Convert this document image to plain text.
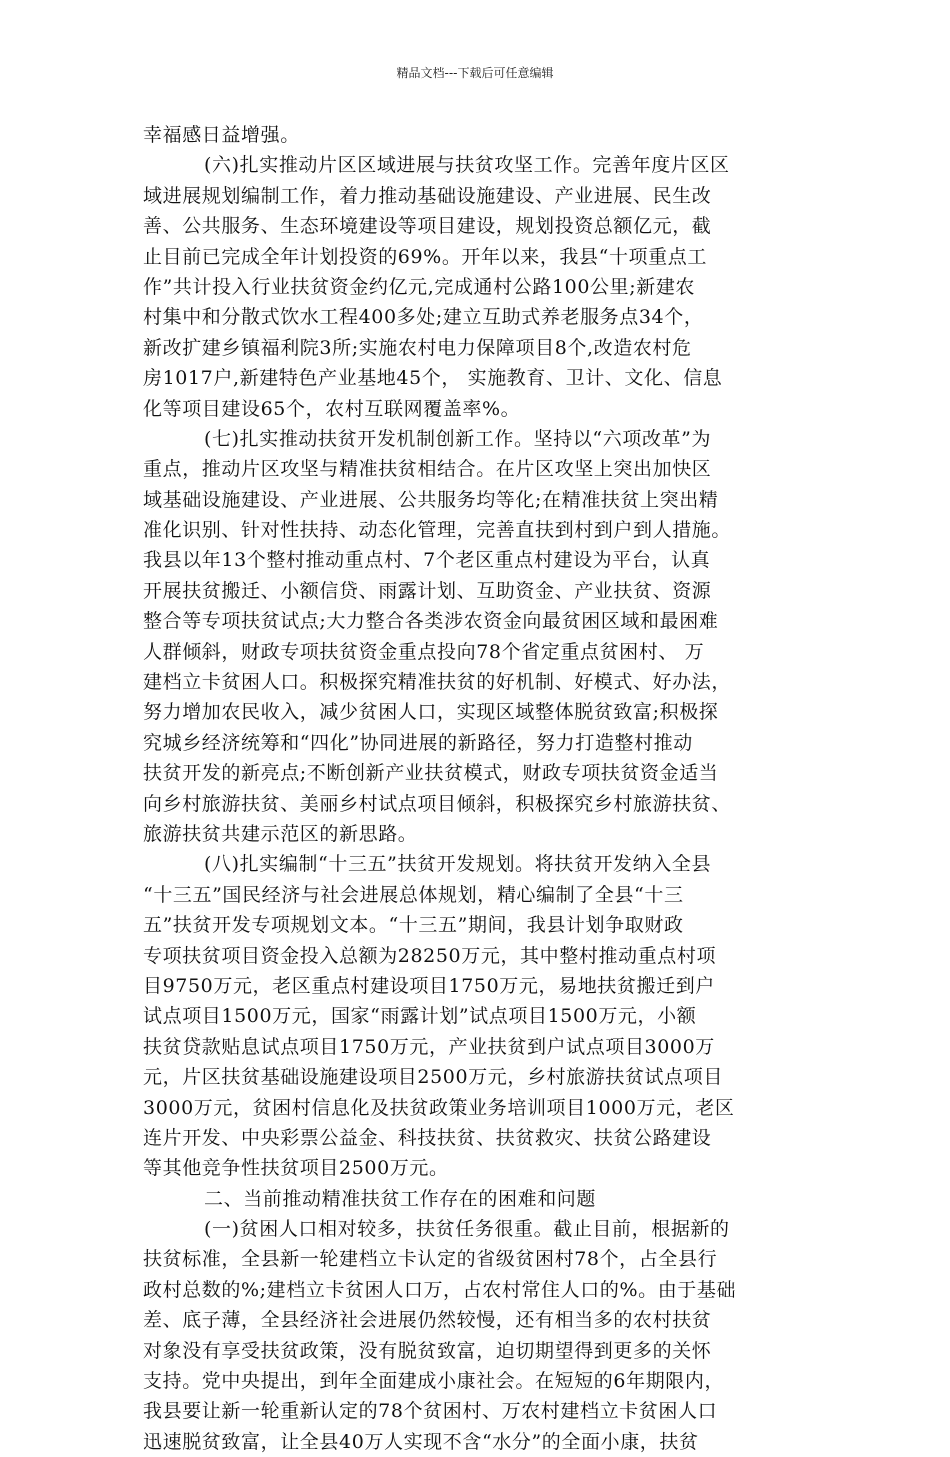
精品文档---下载后可任意编辑
幸福感日益增强。
(六)扎实推动片区区域进展与扶贫攻坚工作。完善年度片区区
域进展规划编制工作，着力推动基础设施建设、产业进展、民生改
善、公共服务、生态环境建设等项目建设，规划投资总额亿元，截
止目前已完成全年计划投资的69%。开年以来，我县“十项重点工
作”共计投入行业扶贫资金约亿元,完成通村公路100公里;新建农
村集中和分散式饮水工程400多处;建立互助式养老服务点34个，
新改扩建乡镇福利院3所;实施农村电力保障项目8个,改造农村危
房1017户,新建特色产业基地45个， 实施教育、卫计、文化、信息
化等项目建设65个，农村互联网覆盖率%。
(七)扎实推动扶贫开发机制创新工作。坚持以“六项改革”为
重点，推动片区攻坚与精准扶贫相结合。在片区攻坚上突出加快区
域基础设施建设、产业进展、公共服务均等化;在精准扶贫上突出精
准化识别、针对性扶持、动态化管理，完善直扶到村到户到人措施。
我县以年13个整村推动重点村、7个老区重点村建设为平台，认真
开展扶贫搬迁、小额信贷、雨露计划、互助资金、产业扶贫、资源
整合等专项扶贫试点;大力整合各类涉农资金向最贫困区域和最困难
人群倾斜，财政专项扶贫资金重点投向78个省定重点贫困村、 万
建档立卡贫困人口。积极探究精准扶贫的好机制、好模式、好办法，
努力增加农民收入，减少贫困人口，实现区域整体脱贫致富;积极探
究城乡经济统筹和“四化”协同进展的新路径，努力打造整村推动
扶贫开发的新亮点;不断创新产业扶贫模式，财政专项扶贫资金适当
向乡村旅游扶贫、美丽乡村试点项目倾斜，积极探究乡村旅游扶贫、
旅游扶贫共建示范区的新思路。
(八)扎实编制“十三五”扶贫开发规划。将扶贫开发纳入全县
“十三五”国民经济与社会进展总体规划，精心编制了全县“十三
五”扶贫开发专项规划文本。“十三五”期间，我县计划争取财政
专项扶贫项目资金投入总额为28250万元，其中整村推动重点村项
目9750万元，老区重点村建设项目1750万元，易地扶贫搬迁到户
试点项目1500万元，国家“雨露计划”试点项目1500万元，小额
扶贫贷款贴息试点项目1750万元，产业扶贫到户试点项目3000万
元，片区扶贫基础设施建设项目2500万元，乡村旅游扶贫试点项目
3000万元，贫困村信息化及扶贫政策业务培训项目1000万元，老区
连片开发、中央彩票公益金、科技扶贫、扶贫救灾、扶贫公路建设
等其他竞争性扶贫项目2500万元。
二、当前推动精准扶贫工作存在的困难和问题
(一)贫困人口相对较多，扶贫任务很重。截止目前，根据新的
扶贫标准，全县新一轮建档立卡认定的省级贫困村78个，占全县行
政村总数的%;建档立卡贫困人口万，占农村常住人口的%。由于基础
差、底子薄，全县经济社会进展仍然较慢，还有相当多的农村扶贫
对象没有享受扶贫政策，没有脱贫致富，迫切期望得到更多的关怀
支持。党中央提出，到年全面建成小康社会。在短短的6年期限内，
我县要让新一轮重新认定的78个贫困村、万农村建档立卡贫困人口
迅速脱贫致富，让全县40万人实现不含“水分”的全面小康，扶贫
